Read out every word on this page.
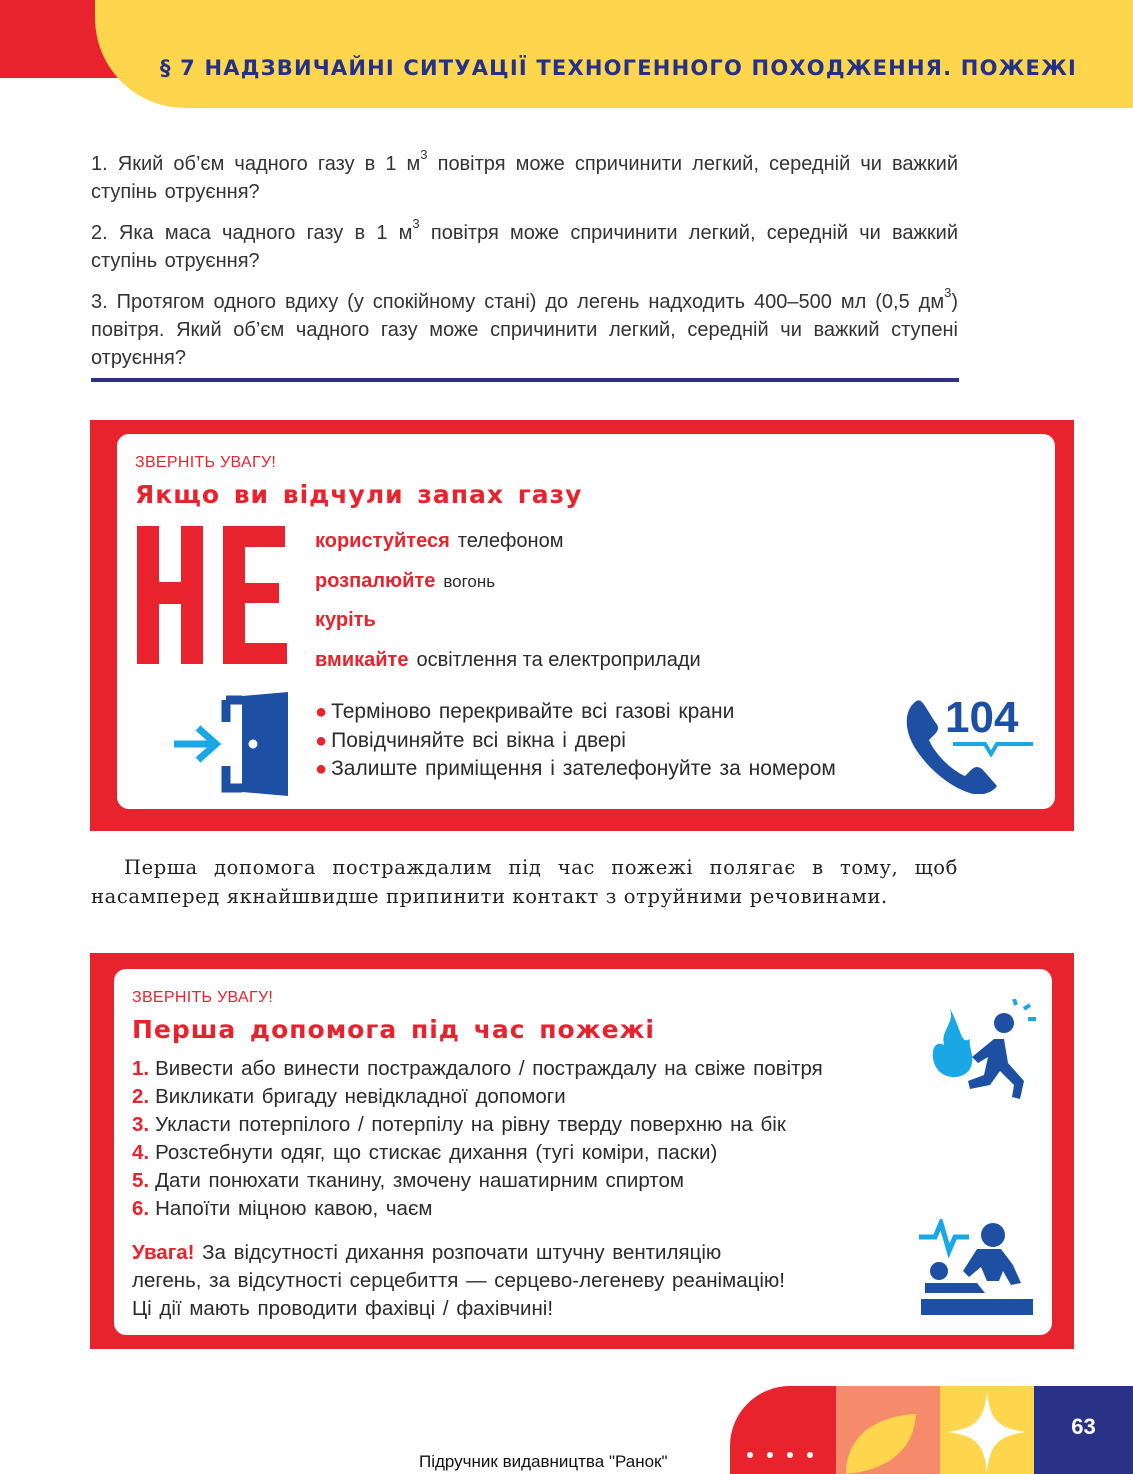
§ 7 НАДЗВИЧАЙНІ СИТУАЦІЇ ТЕХНОГЕННОГО ПОХОДЖЕННЯ. ПОЖЕЖІ

1. Який об’єм чадного газу в 1 $м^3$ повітря може спричинити легкий, середній чи важкий ступінь отруєння?

2. Яка маса чадного газу в 1 $м^3$ повітря може спричинити легкий, середній чи важкий ступінь отруєння?

3. Протягом одного вдиху (у спокійному стані) до легень надходить 400–500 мл (0,5 $дм^3$) повітря. Який об’єм чадного газу може спричинити легкий, середній чи важкий ступені отруєння?

ЗВЕРНІТЬ УВАГУ!
Якщо ви відчули запах газу
НЕ
користуйтеся телефоном
розпалюйте вогонь
куріть
вмикайте освітлення та електроприлади
● Терміново перекривайте всі газові крани
● Повідчиняйте всі вікна і двері
● Залиште приміщення і зателефонуйте за номером
104

Перша допомога постраждалим під час пожежі полягає в тому, щоб насамперед якнайшвидше припинити контакт з отруйними речовинами.

ЗВЕРНІТЬ УВАГУ!
Перша допомога під час пожежі
1. Вивести або винести постраждалого / постраждалу на свіже повітря
2. Викликати бригаду невідкладної допомоги
3. Укласти потерпілого / потерпілу на рівну тверду поверхню на бік
4. Розстебнути одяг, що стискає дихання (тугі коміри, паски)
5. Дати понюхати тканину, змочену нашатирним спиртом
6. Напоїти міцною кавою, чаєм
Увага! За відсутності дихання розпочати штучну вентиляцію
легень, за відсутності серцебиття — серцево-легеневу реанімацію!
Ці дії мають проводити фахівці / фахівчині!
63
Підручник видавництва "Ранок"
